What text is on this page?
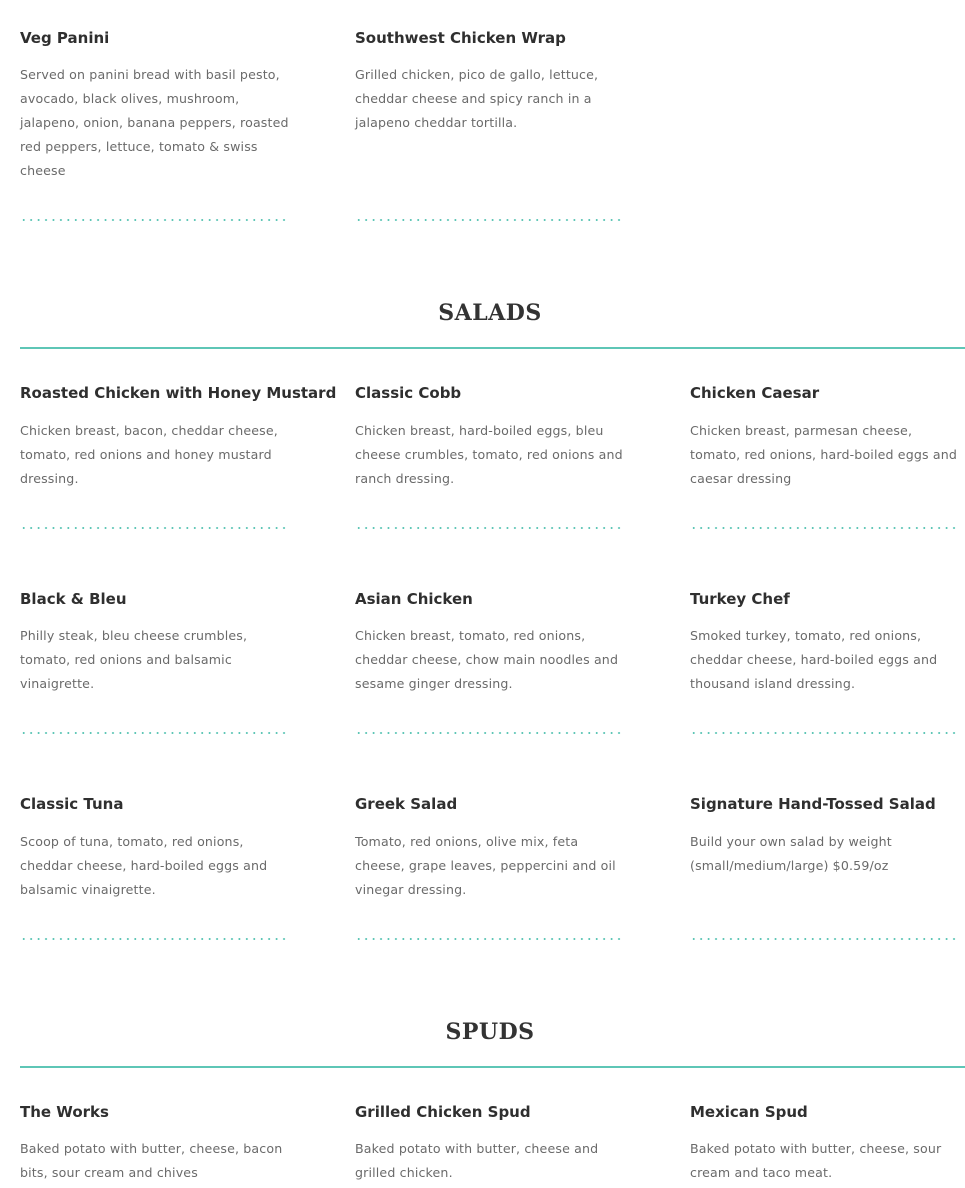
Veg Panini

Served on panini bread with basil pesto, avocado, black olives, mushroom, jalapeno, onion, banana peppers, roasted red peppers, lettuce, tomato & swiss cheese

Southwest Chicken Wrap

Grilled chicken, pico de gallo, lettuce, cheddar cheese and spicy ranch in a jalapeno cheddar tortilla.

SALADS
Roasted Chicken with Honey Mustard

Chicken breast, bacon, cheddar cheese, tomato, red onions and honey mustard dressing.

Classic Cobb

Chicken breast, hard-boiled eggs, bleu cheese crumbles, tomato, red onions and ranch dressing.

Chicken Caesar

Chicken breast, parmesan cheese, tomato, red onions, hard-boiled eggs and caesar dressing

Black & Bleu

Philly steak, bleu cheese crumbles, tomato, red onions and balsamic vinaigrette.

Asian Chicken

Chicken breast, tomato, red onions, cheddar cheese, chow main noodles and sesame ginger dressing.

Turkey Chef

Smoked turkey, tomato, red onions, cheddar cheese, hard-boiled eggs and thousand island dressing.

Classic Tuna

Scoop of tuna, tomato, red onions, cheddar cheese, hard-boiled eggs and balsamic vinaigrette.

Greek Salad

Tomato, red onions, olive mix, feta cheese, grape leaves, peppercini and oil vinegar dressing.

Signature Hand-Tossed Salad

Build your own salad by weight (small/medium/large) $0.59/oz

SPUDS
The Works

Baked potato with butter, cheese, bacon bits, sour cream and chives

Grilled Chicken Spud

Baked potato with butter, cheese and grilled chicken.

Mexican Spud

Baked potato with butter, cheese, sour cream and taco meat.
